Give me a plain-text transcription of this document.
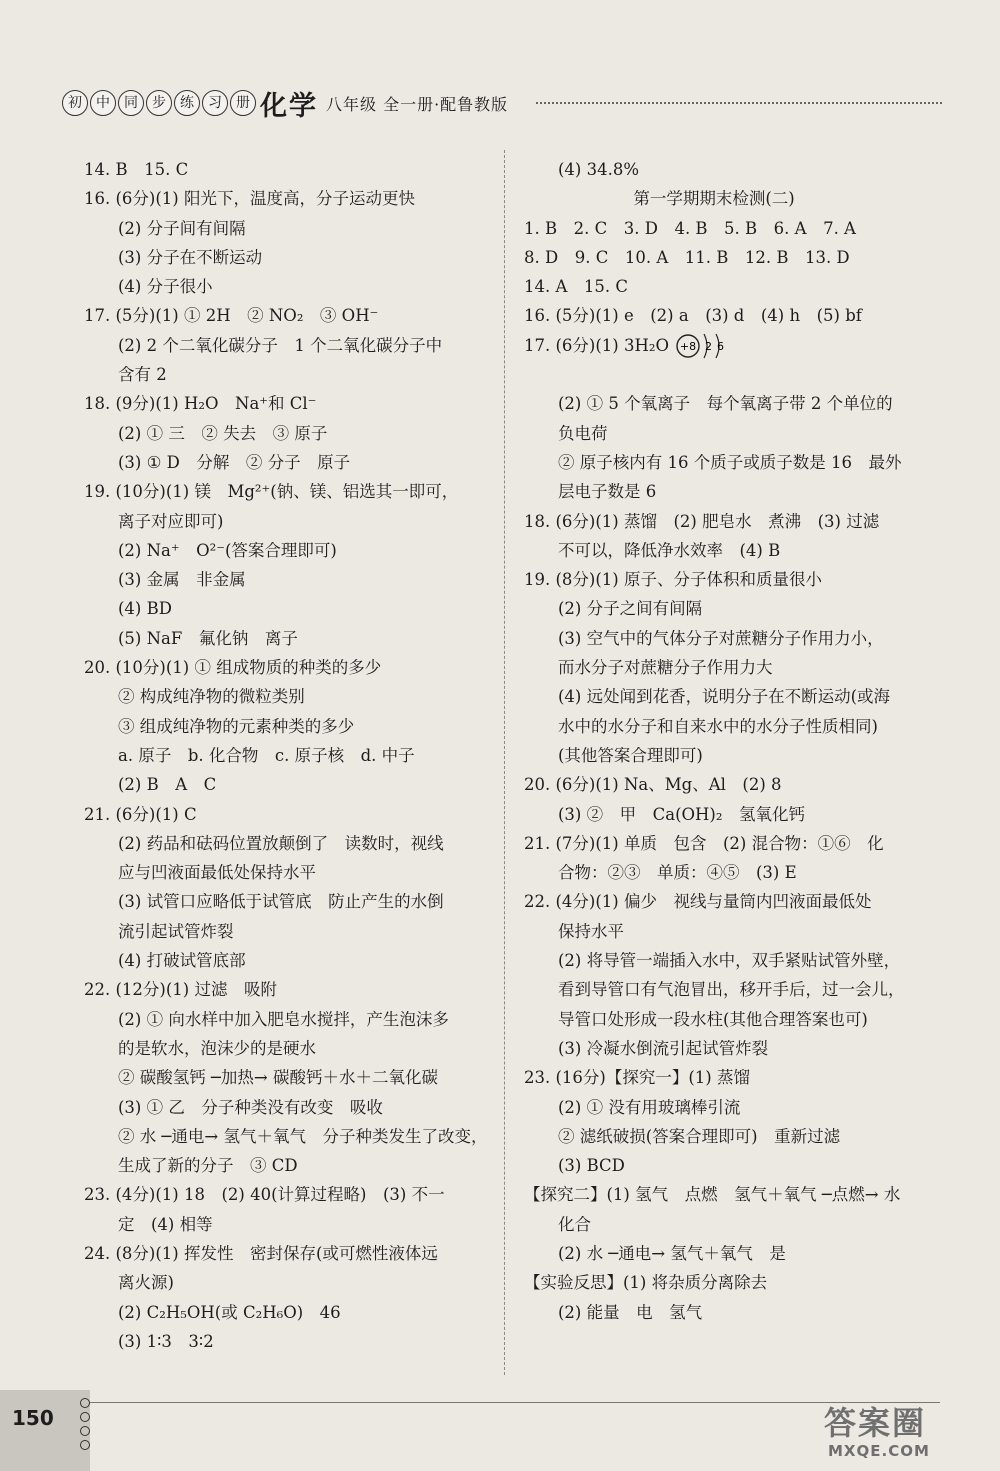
初	中	同	步	练	习	册 化学 八年级 全一册·配鲁教版
14. B　15. C
16. (6分)(1) 阳光下，温度高，分子运动更快
(2) 分子间有间隔
(3) 分子在不断运动
(4) 分子很小
17. (5分)(1) ① 2H　② NO₂　③ OH⁻
(2) 2 个二氧化碳分子　1 个二氧化碳分子中
含有 2
18. (9分)(1) H₂O　Na⁺和 Cl⁻
(2) ① 三　② 失去　③ 原子
(3) ① D　分解　② 分子　原子
19. (10分)(1) 镁　Mg²⁺(钠、镁、铝选其一即可，
离子对应即可)
(2) Na⁺　O²⁻(答案合理即可)
(3) 金属　非金属
(4) BD
(5) NaF　氟化钠　离子
20. (10分)(1) ① 组成物质的种类的多少
② 构成纯净物的微粒类别
③ 组成纯净物的元素种类的多少
a. 原子　b. 化合物　c. 原子核　d. 中子
(2) B　A　C
21. (6分)(1) C
(2) 药品和砝码位置放颠倒了　读数时，视线
应与凹液面最低处保持水平
(3) 试管口应略低于试管底　防止产生的水倒
流引起试管炸裂
(4) 打破试管底部
22. (12分)(1) 过滤　吸附
(2) ① 向水样中加入肥皂水搅拌，产生泡沫多
的是软水，泡沫少的是硬水
② 碳酸氢钙 ─加热→ 碳酸钙＋水＋二氧化碳
(3) ① 乙　分子种类没有改变　吸收
② 水 ─通电→ 氢气＋氧气　分子种类发生了改变，
生成了新的分子　③ CD
23. (4分)(1) 18　(2) 40(计算过程略)　(3) 不一
定　(4) 相等
24. (8分)(1) 挥发性　密封保存(或可燃性液体远
离火源)
(2) C₂H₅OH(或 C₂H₆O)　46
(3) 1∶3　3∶2
(4) 34.8%
第一学期期末检测(二)
1. B　2. C　3. D　4. B　5. B　6. A　7. A
8. D　9. C　10. A　11. B　12. B　13. D
14. A　15. C
16. (5分)(1) e　(2) a　(3) d　(4) h　(5) bf
17. (6分)(1) 3H₂O +8 2 6
(2) ① 5 个氧离子　每个氧离子带 2 个单位的
负电荷
② 原子核内有 16 个质子或质子数是 16　最外
层电子数是 6
18. (6分)(1) 蒸馏　(2) 肥皂水　煮沸　(3) 过滤
不可以，降低净水效率　(4) B
19. (8分)(1) 原子、分子体积和质量很小
(2) 分子之间有间隔
(3) 空气中的气体分子对蔗糖分子作用力小，
而水分子对蔗糖分子作用力大
(4) 远处闻到花香，说明分子在不断运动(或海
水中的水分子和自来水中的水分子性质相同)
(其他答案合理即可)
20. (6分)(1) Na、Mg、Al　(2) 8
(3) ②　甲　Ca(OH)₂　氢氧化钙
21. (7分)(1) 单质　包含　(2) 混合物：①⑥　化
合物：②③　单质：④⑤　(3) E
22. (4分)(1) 偏少　视线与量筒内凹液面最低处
保持水平
(2) 将导管一端插入水中，双手紧贴试管外壁，
看到导管口有气泡冒出，移开手后，过一会儿，
导管口处形成一段水柱(其他合理答案也可)
(3) 冷凝水倒流引起试管炸裂
23. (16分)【探究一】(1) 蒸馏
(2) ① 没有用玻璃棒引流
② 滤纸破损(答案合理即可)　重新过滤
(3) BCD
【探究二】(1) 氢气　点燃　氢气＋氧气 ─点燃→ 水
化合
(2) 水 ─通电→ 氢气＋氧气　是
【实验反思】(1) 将杂质分离除去
(2) 能量　电　氢气
150	答案圈
MXQE.COM
